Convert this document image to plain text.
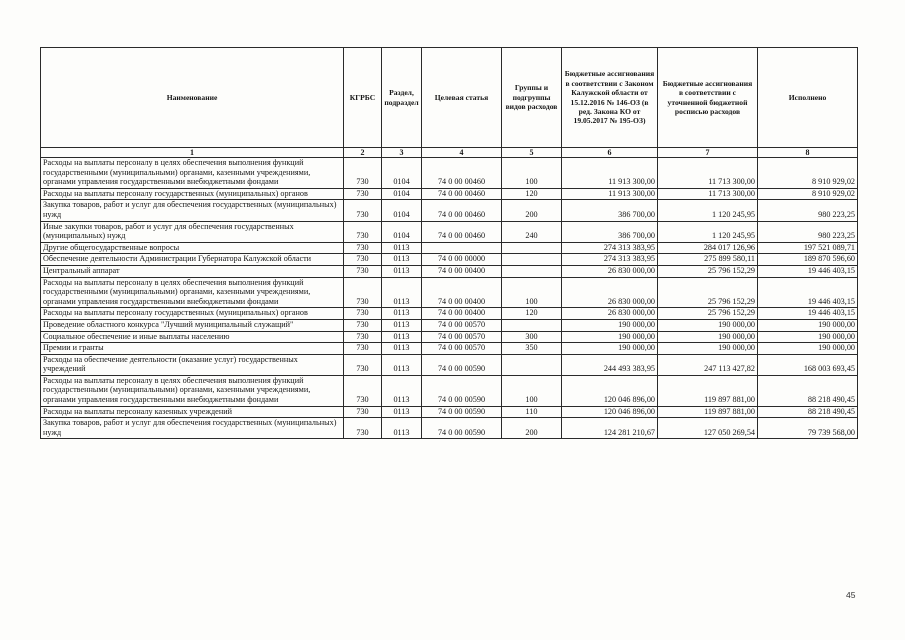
Наименование	КГРБС	Раздел, подраздел	Целевая статья	Группы и подгруппы видов расходов	Бюджетные ассигнования в соответствии с Законом Калужской области от 15.12.2016 № 146-ОЗ (в ред. Закона КО от 19.05.2017 № 195-ОЗ)	Бюджетные ассигнования в соответствии с уточненной бюджетной росписью расходов	Исполнено
1	2	3	4	5	6	7	8
Расходы на выплаты персоналу в целях обеспечения выполнения функций государственными (муниципальными) органами, казенными учреждениями, органами управления государственными внебюджетными фондами	730	0104	74 0 00 00460	100	11 913 300,00	11 713 300,00	8 910 929,02
Расходы на выплаты персоналу государственных (муниципальных) органов	730	0104	74 0 00 00460	120	11 913 300,00	11 713 300,00	8 910 929,02
Закупка товаров, работ и услуг для обеспечения государственных (муниципальных) нужд	730	0104	74 0 00 00460	200	386 700,00	1 120 245,95	980 223,25
Иные закупки товаров, работ и услуг для обеспечения государственных (муниципальных) нужд	730	0104	74 0 00 00460	240	386 700,00	1 120 245,95	980 223,25
Другие общегосударственные вопросы	730	0113			274 313 383,95	284 017 126,96	197 521 089,71
Обеспечение деятельности Администрации Губернатора Калужской области	730	0113	74 0 00 00000		274 313 383,95	275 899 580,11	189 870 596,60
Центральный аппарат	730	0113	74 0 00 00400		26 830 000,00	25 796 152,29	19 446 403,15
Расходы на выплаты персоналу в целях обеспечения выполнения функций государственными (муниципальными) органами, казенными учреждениями, органами управления государственными внебюджетными фондами	730	0113	74 0 00 00400	100	26 830 000,00	25 796 152,29	19 446 403,15
Расходы на выплаты персоналу государственных (муниципальных) органов	730	0113	74 0 00 00400	120	26 830 000,00	25 796 152,29	19 446 403,15
Проведение областного конкурса "Лучший муниципальный служащий"	730	0113	74 0 00 00570		190 000,00	190 000,00	190 000,00
Социальное обеспечение и иные выплаты населению	730	0113	74 0 00 00570	300	190 000,00	190 000,00	190 000,00
Премии и гранты	730	0113	74 0 00 00570	350	190 000,00	190 000,00	190 000,00
Расходы на обеспечение деятельности (оказание услуг) государственных учреждений	730	0113	74 0 00 00590		244 493 383,95	247 113 427,82	168 003 693,45
Расходы на выплаты персоналу в целях обеспечения выполнения функций государственными (муниципальными) органами, казенными учреждениями, органами управления государственными внебюджетными фондами	730	0113	74 0 00 00590	100	120 046 896,00	119 897 881,00	88 218 490,45
Расходы на выплаты персоналу казенных учреждений	730	0113	74 0 00 00590	110	120 046 896,00	119 897 881,00	88 218 490,45
Закупка товаров, работ и услуг для обеспечения государственных (муниципальных) нужд	730	0113	74 0 00 00590	200	124 281 210,67	127 050 269,54	79 739 568,00
45
